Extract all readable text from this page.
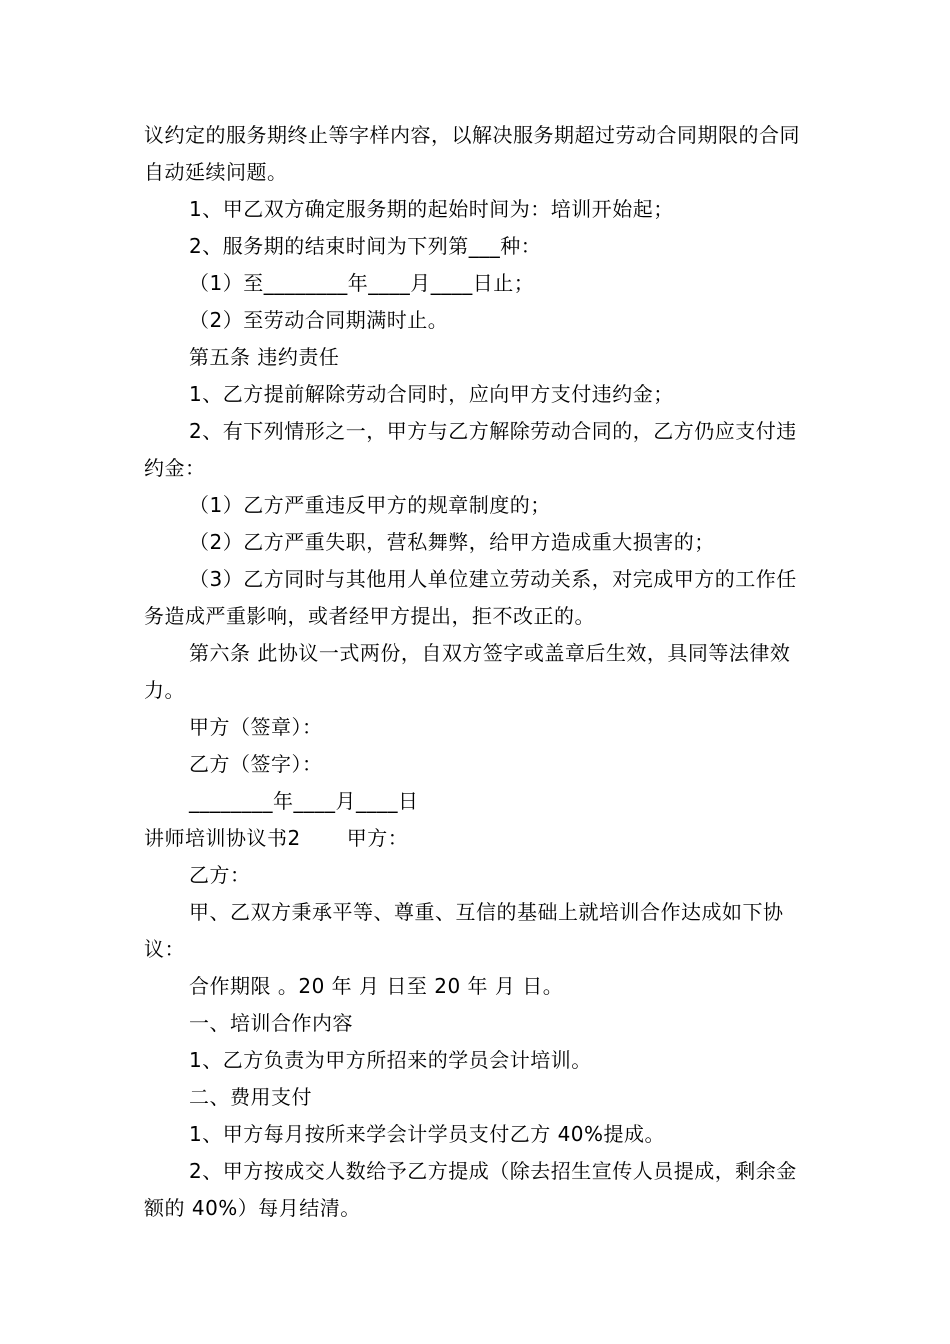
议约定的服务期终止等字样内容，以解决服务期超过劳动合同期限的合同自动延续问题。

1、甲乙双方确定服务期的起始时间为：培训开始起；

2、服务期的结束时间为下列第___种：

（1）至________年____月____日止；

（2）至劳动合同期满时止。

第五条 违约责任

1、乙方提前解除劳动合同时，应向甲方支付违约金；

2、有下列情形之一，甲方与乙方解除劳动合同的，乙方仍应支付违约金：

（1）乙方严重违反甲方的规章制度的；

（2）乙方严重失职，营私舞弊，给甲方造成重大损害的；

（3）乙方同时与其他用人单位建立劳动关系，对完成甲方的工作任务造成严重影响，或者经甲方提出，拒不改正的。

第六条 此协议一式两份，自双方签字或盖章后生效，具同等法律效力。

甲方（签章）：

乙方（签字）：

________年____月____日

讲师培训协议书2 甲方：

乙方：

甲、乙双方秉承平等、尊重、互信的基础上就培训合作达成如下协议：

合作期限 。20 年 月 日至 20 年 月 日。

一、培训合作内容

1、乙方负责为甲方所招来的学员会计培训。

二、费用支付

1、甲方每月按所来学会计学员支付乙方 40%提成。

2、甲方按成交人数给予乙方提成（除去招生宣传人员提成，剩余金额的 40%）每月结清。
